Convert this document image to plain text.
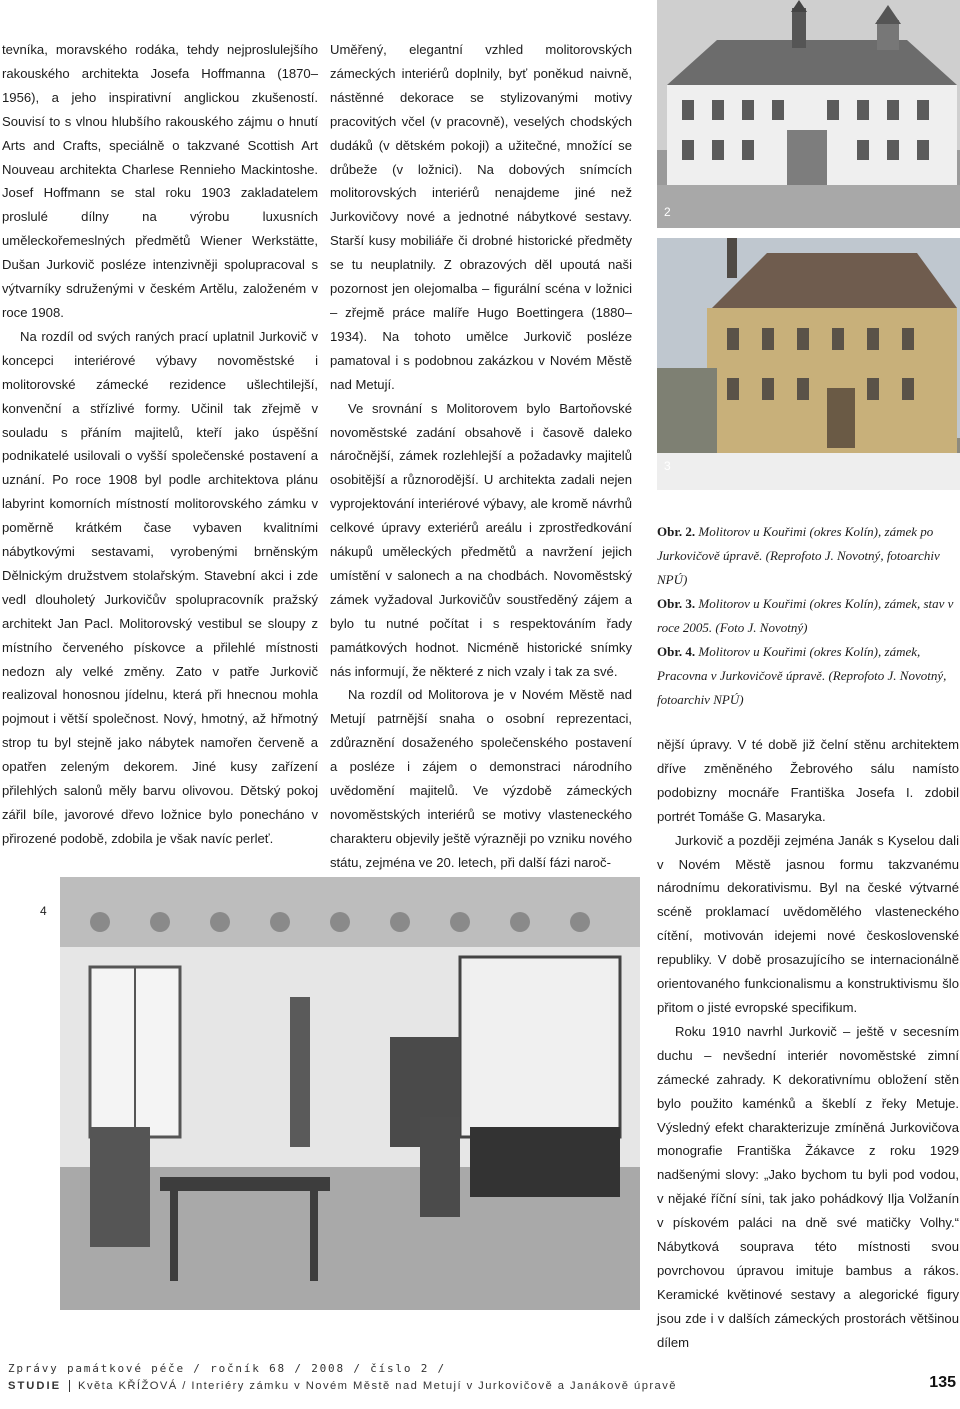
tevníka, moravského rodáka, tehdy nejproslulejšího rakouského architekta Josefa Hoffmanna (1870–1956), a jeho inspirativní anglickou zkušeností. Souvisí to s vlnou hlubšího rakouského zájmu o hnutí Arts and Crafts, speciálně o takzvané Scottish Art Nouveau architekta Charlese Rennieho Mackintoshe. Josef Hoffmann se stal roku 1903 zakladatelem proslulé dílny na výrobu luxusních uměleckořemeslných předmětů Wiener Werkstätte, Dušan Jurkovič posléze intenzivněji spolupracoval s výtvarníky sdruženými v českém Artělu, založeném v roce 1908.

Na rozdíl od svých raných prací uplatnil Jurkovič v koncepci interiérové výbavy novoměstské i molitorovské zámecké rezidence ušlechtilejší, konvenční a střízlivé formy. Učinil tak zřejmě v souladu s přáním majitelů, kteří jako úspěšní podnikatelé usilovali o vyšší společenské postavení a uznání. Po roce 1908 byl podle architektova plánu labyrint komorních místností molitorovského zámku v poměrně krátkém čase vybaven kvalitními nábytkovými sestavami, vyrobenými brněnským Dělnickým družstvem stolařským. Stavební akci i zde vedl dlouholetý Jurkovičův spolupracovník pražský architekt Jan Pacl. Molitorovský vestibul se sloupy z místního červeného pískovce a přilehlé místnosti nedozn aly velké změny. Zato v patře Jurkovič realizoval honosnou jídelnu, která při hnecnou mohla pojmout i větší společnost. Nový, hmotný, až hřmotný strop tu byl stejně jako nábytek namořen červeně a opatřen zeleným dekorem. Jiné kusy zařízení přilehlých salonů měly barvu olivovou. Dětský pokoj zářil bíle, javorové dřevo ložnice bylo ponecháno v přirozené podobě, zdobila je však navíc perleť.

Uměřený, elegantní vzhled molitorovských zámeckých interiérů doplnily, byť poněkud naivně, nástěnné dekorace se stylizovanými motivy pracovitých včel (v pracovně), veselých chodských dudáků (v dětském pokoji) a užitečné, množící se drůbeže (v ložnici). Na dobových snímcích molitorovských interiérů nenajdeme jiné než Jurkovičovy nové a jednotné nábytkové sestavy. Starší kusy mobiliáře či drobné historické předměty se tu neuplatnily. Z obrazových děl upoutá naši pozornost jen olejomalba – figurální scéna v ložnici – zřejmě práce malíře Hugo Boettingera (1880–1934). Na tohoto umělce Jurkovič posléze pamatoval i s podobnou zakázkou v Novém Městě nad Metují.

Ve srovnání s Molitorovem bylo Bartoňovské novoměstské zadání obsahově i časově daleko náročnější, zámek rozlehlejší a požadavky majitelů osobitější a různorodější. U architekta zadali nejen vyprojektování interiérové výbavy, ale kromě návrhů celkové úpravy exteriérů areálu i zprostředkování nákupů uměleckých předmětů a navržení jejich umístění v salonech a na chodbách. Novoměstský zámek vyžadoval Jurkovičův soustředěný zájem a bylo tu nutné počítat i s respektováním řady památkových hodnot. Nicméně historické snímky nás informují, že některé z nich vzaly i tak za své.

Na rozdíl od Molitorova je v Novém Městě nad Metují patrnější snaha o osobní reprezentaci, zdůraznění dosaženého společenského postavení a posléze i zájem o demonstraci národního uvědomění majitelů. Ve výzdobě zámeckých novoměstských interiérů se motivy vlasteneckého charakteru objevily ještě výrazněji po vzniku nového státu, zejména ve 20. letech, při další fázi naroč-

2
3

Obr. 2. Molitorov u Kouřimi (okres Kolín), zámek po Jurkovičově úpravě. (Reprofoto J. Novotný, fotoarchiv NPÚ)

Obr. 3. Molitorov u Kouřimi (okres Kolín), zámek, stav v roce 2005. (Foto J. Novotný)

Obr. 4. Molitorov u Kouřimi (okres Kolín), zámek, Pracovna v Jurkovičově úpravě. (Reprofoto J. Novotný, fotoarchiv NPÚ)

nější úpravy. V té době již čelní stěnu architektem dříve změněného Žebrového sálu namísto podobizny mocnáře Františka Josefa I. zdobil portrét Tomáše G. Masaryka.

Jurkovič a později zejména Janák s Kyselou dali v Novém Městě jasnou formu takzvanému národnímu dekorativismu. Byl na české výtvarné scéně proklamací uvědomělého vlasteneckého cítění, motivován idejemi nové československé republiky. V době prosazujícího se internacionálně orientovaného funkcionalismu a konstruktivismu šlo přitom o jisté evropské specifikum.

Roku 1910 navrhl Jurkovič – ještě v secesním duchu – nevšední interiér novoměstské zimní zámecké zahrady. K dekorativnímu obložení stěn bylo použito kaménků a škeblí z řeky Metuje. Výsledný efekt charakterizuje zmíněná Jurkovičova monografie Františka Žákavce z roku 1929 nadšenými slovy: „Jako bychom tu byli pod vodou, v nějaké říční síni, tak jako pohádkový Ilja Volžanín v pískovém paláci na dně své matičky Volhy.“ Nábytková souprava této místnosti svou povrchovou úpravou imituje bambus a rákos. Keramické květinové sestavy a alegorické figury jsou zde i v dalších zámeckých prostorách většinou dílem

4
Zprávy památkové péče / ročník 68 / 2008 / číslo 2 /
STUDIE Květa KŘÍŽOVÁ / Interiéry zámku v Novém Městě nad Metují v Jurkovičově a Janákově úpravě	135
